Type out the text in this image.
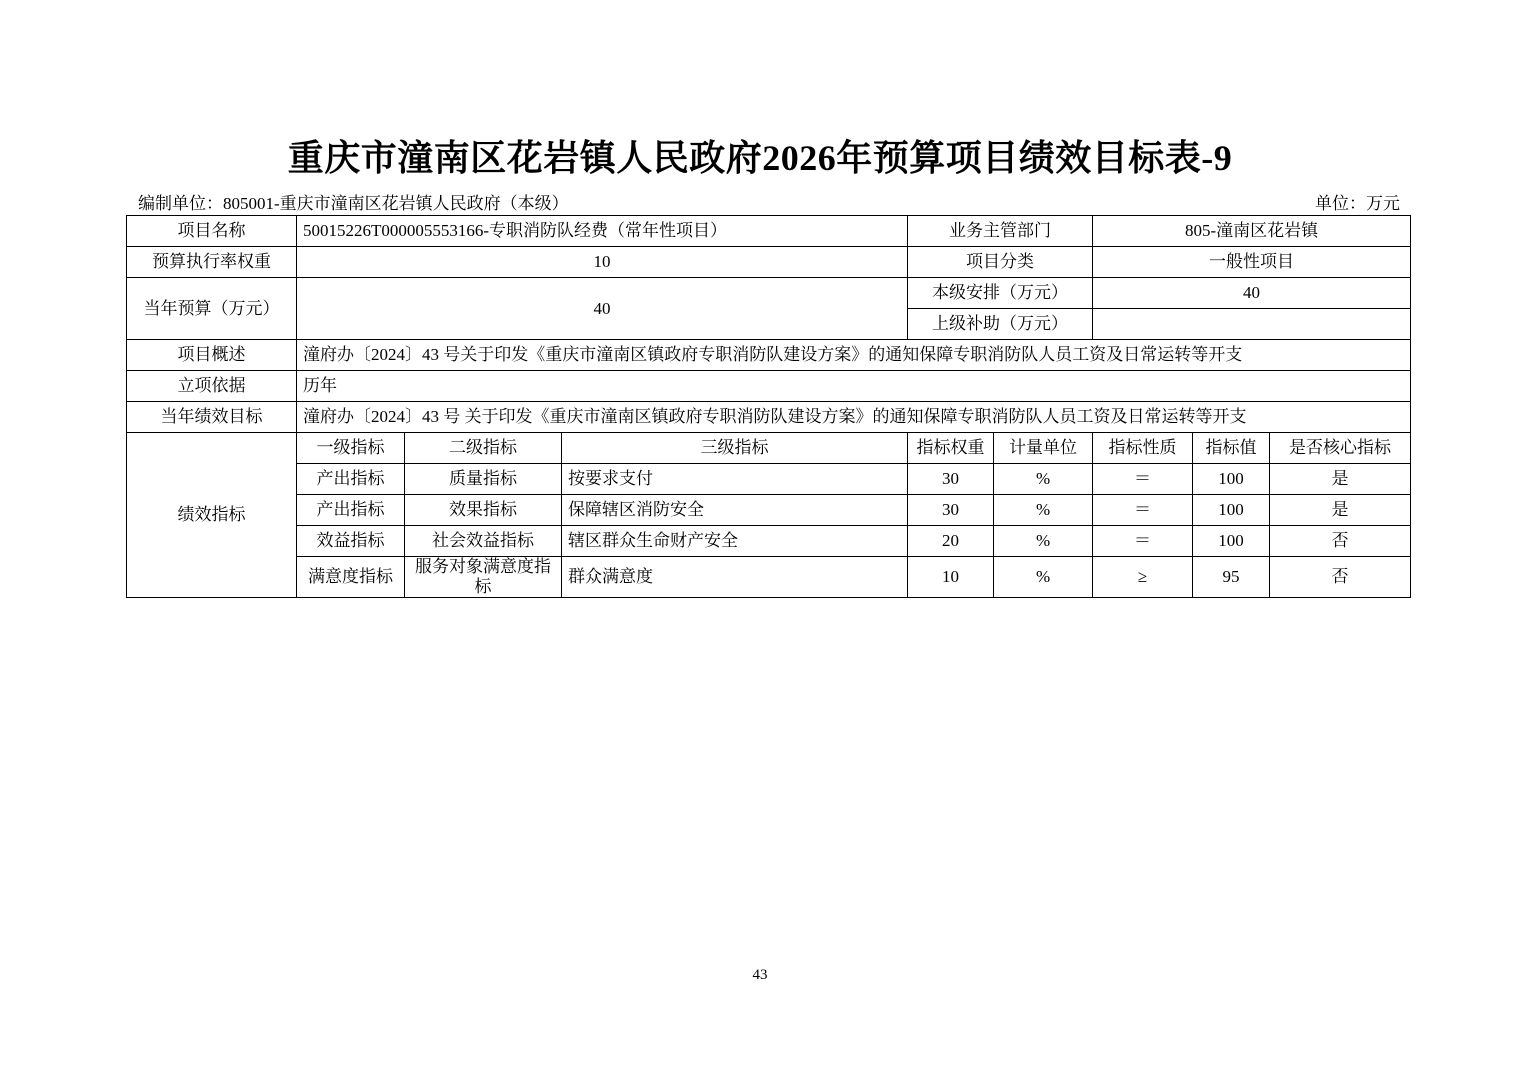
重庆市潼南区花岩镇人民政府2026年预算项目绩效目标表-9
编制单位：805001-重庆市潼南区花岩镇人民政府（本级）	单位：万元
项目名称	50015226T000005553166-专职消防队经费（常年性项目）			业务主管部门		805-潼南区花岩镇		
预算执行率权重	10			项目分类		一般性项目		
当年预算（万元）	40			本级安排（万元）		40		
				上级补助（万元）				
项目概述	潼府办〔2024〕43 号关于印发《重庆市潼南区镇政府专职消防队建设方案》的通知保障专职消防队人员工资及日常运转等开支							
立项依据	历年							
当年绩效目标	潼府办〔2024〕43 号 关于印发《重庆市潼南区镇政府专职消防队建设方案》的通知保障专职消防队人员工资及日常运转等开支							
绩效指标	一级指标	二级指标	三级指标	指标权重	计量单位	指标性质	指标值	是否核心指标
	产出指标	质量指标	按要求支付	30	%	＝	100	是
	产出指标	效果指标	保障辖区消防安全	30	%	＝	100	是
	效益指标	社会效益指标	辖区群众生命财产安全	20	%	＝	100	否
	满意度指标	服务对象满意度指标	群众满意度	10	%	≥	95	否
43
